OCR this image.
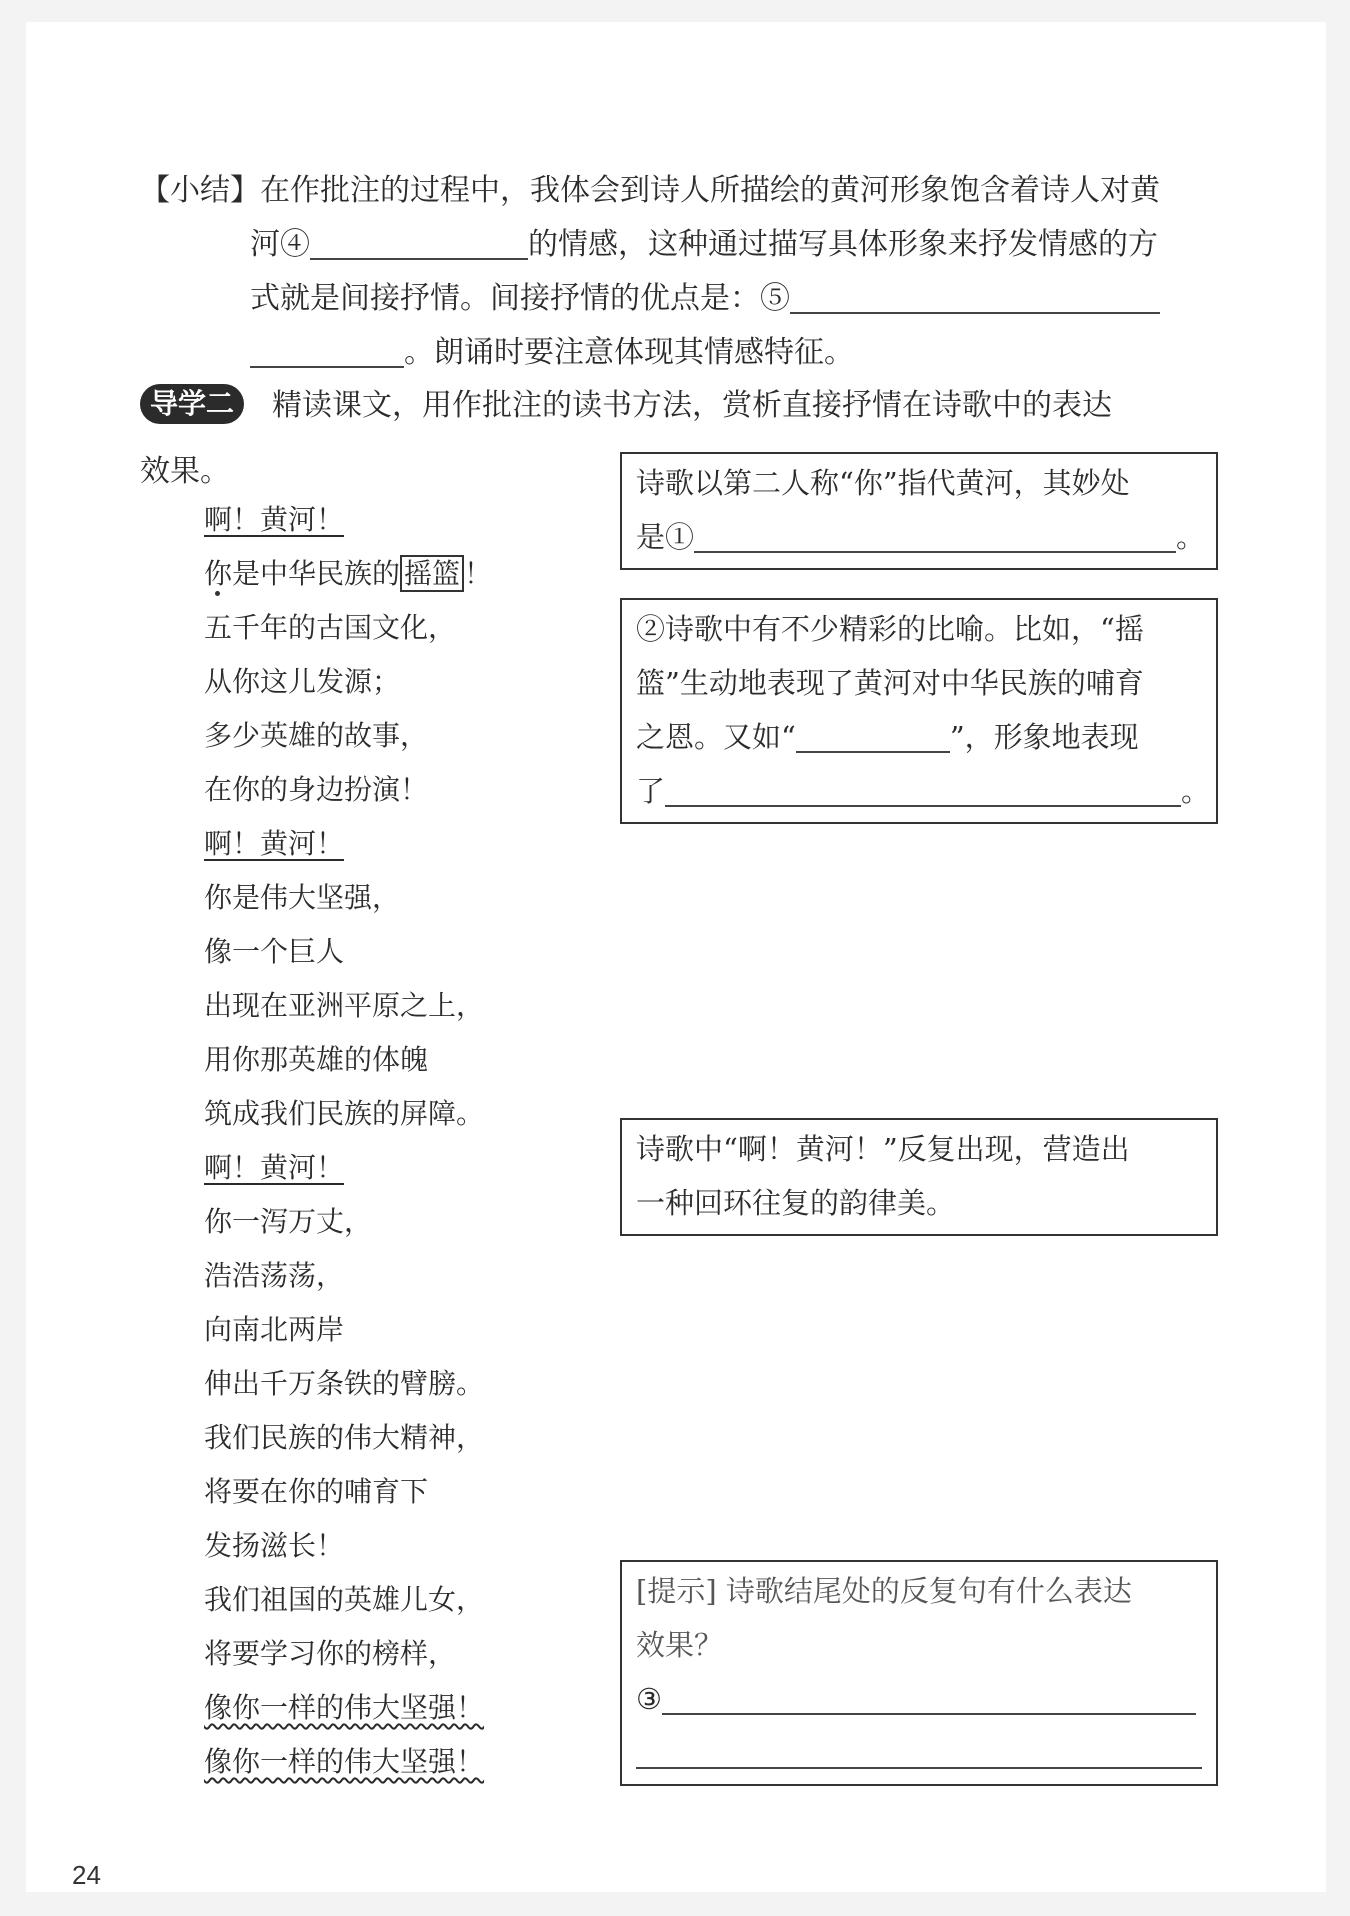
【小结】在作批注的过程中，我体会到诗人所描绘的黄河形象饱含着诗人对黄
河④	的情感，这种通过描写具体形象来抒发情感的方
式就是间接抒情。间接抒情的优点是：⑤
。朗诵时要注意体现其情感特征。
导学二 精读课文，用作批注的读书方法，赏析直接抒情在诗歌中的表达
效果。
啊！黄河！
你是中华民族的 摇篮 ！
五千年的古国文化，
从你这儿发源；
多少英雄的故事，
在你的身边扮演！
啊！黄河！
你是伟大坚强，
像一个巨人
出现在亚洲平原之上，
用你那英雄的体魄
筑成我们民族的屏障。
啊！黄河！
你一泻万丈，
浩浩荡荡，
向南北两岸
伸出千万条铁的臂膀。
我们民族的伟大精神，
将要在你的哺育下
发扬滋长！
我们祖国的英雄儿女，
将要学习你的榜样，
像你一样的伟大坚强！
像你一样的伟大坚强！
诗歌以第二人称“你”指代黄河，其妙处
是①	。
②诗歌中有不少精彩的比喻。比如，“摇
篮”生动地表现了黄河对中华民族的哺育
之恩。又如“	”，形象地表现
了	。
诗歌中“啊！黄河！”反复出现，营造出
一种回环往复的韵律美。
[提示] 诗歌结尾处的反复句有什么表达
效果？
③
24
